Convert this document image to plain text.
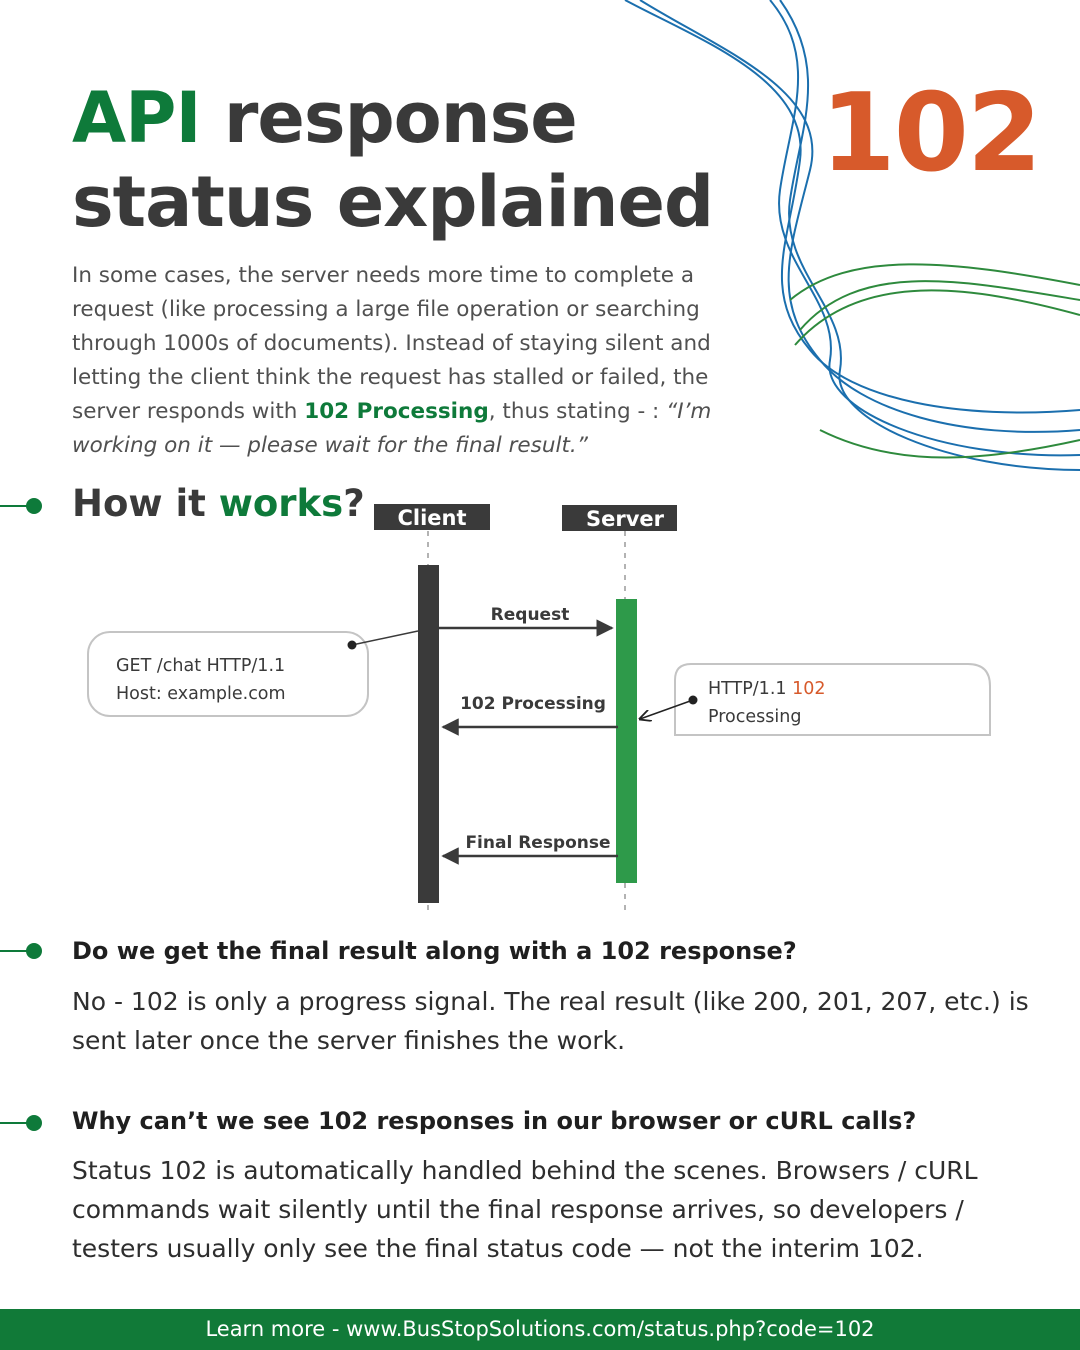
API response
status explained
102

In some cases, the server needs more time to complete a request (like processing a large file operation or searching through 1000s of documents). Instead of staying silent and letting the client think the request has stalled or failed, the server responds with 102 Processing, thus stating - : “I’m working on it — please wait for the final result.”

How it works? Client	Server
Request
102 Processing
Final Response
GET /chat HTTP/1.1
Host: example.com	HTTP/1.1 102
Processing

Do we get the final result along with a 102 response?

No - 102 is only a progress signal. The real result (like 200, 201, 207, etc.) is sent later once the server finishes the work.

Why can’t we see 102 responses in our browser or cURL calls?

Status 102 is automatically handled behind the scenes. Browsers / cURL commands wait silently until the final response arrives, so developers / testers usually only see the final status code — not the interim 102.

Learn more - www.BusStopSolutions.com/status.php?code=102
